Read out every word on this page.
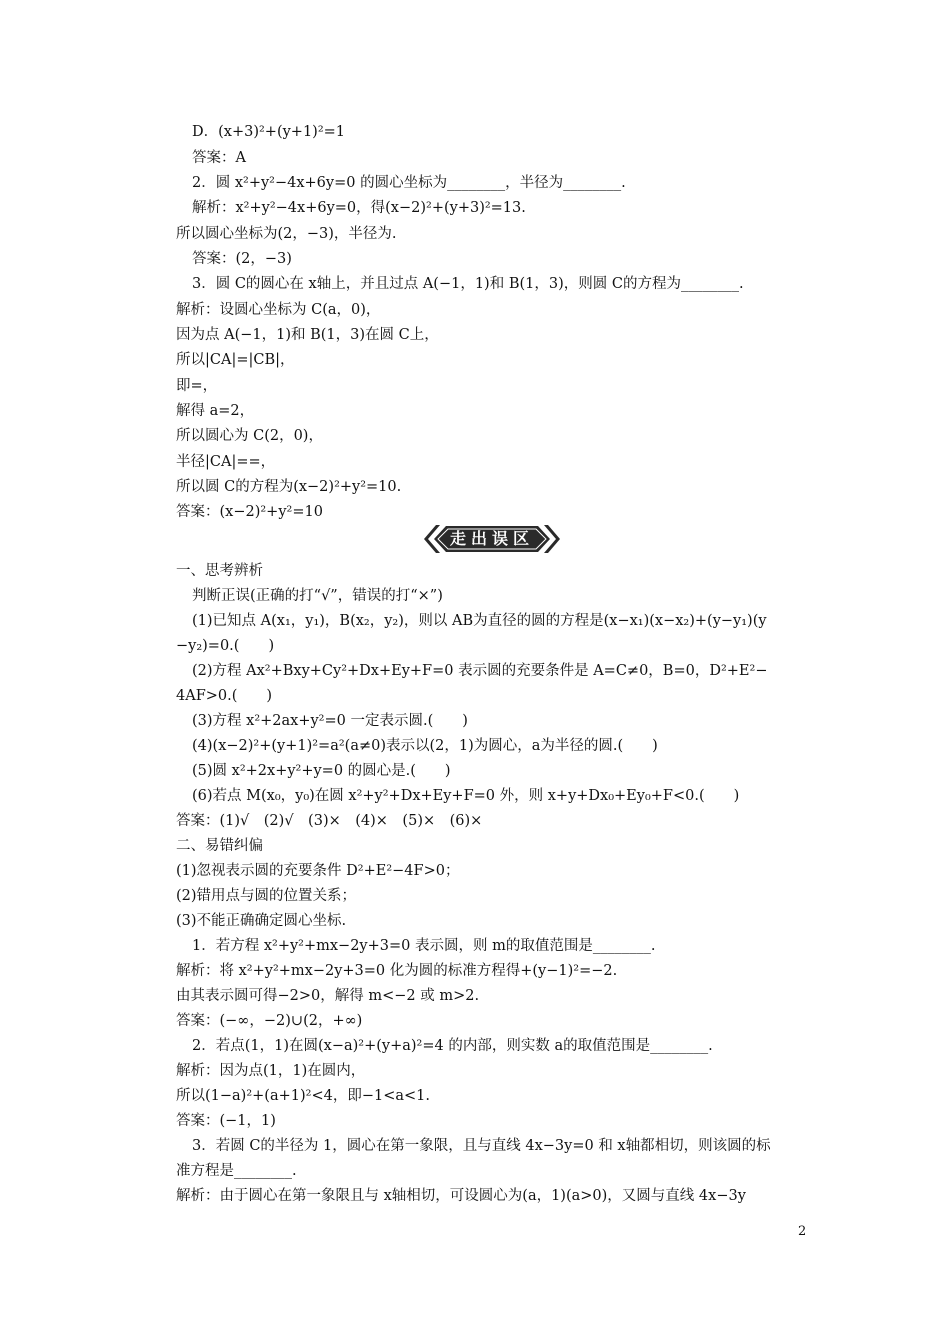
D．(x+3)²+(y+1)²=1
答案：A
2．圆 x²+y²−4x+6y=0 的圆心坐标为________，半径为________.
解析：x²+y²−4x+6y=0，得(x−2)²+(y+3)²=13.
所以圆心坐标为(2，−3)，半径为.
答案：(2，−3)
3．圆 C的圆心在 x轴上，并且过点 A(−1，1)和 B(1，3)，则圆 C的方程为________.
解析：设圆心坐标为 C(a，0)，
因为点 A(−1，1)和 B(1，3)在圆 C上，
所以|CA|=|CB|，
即=，
解得 a=2，
所以圆心为 C(2，0)，
半径|CA|==，
所以圆 C的方程为(x−2)²+y²=10.
答案：(x−2)²+y²=10
走出误区
一、思考辨析
判断正误(正确的打“√”，错误的打“×”)
(1)已知点 A(x₁，y₁)，B(x₂，y₂)，则以 AB为直径的圆的方程是(x−x₁)(x−x₂)+(y−y₁)(y
−y₂)=0.(　　)
(2)方程 Ax²+Bxy+Cy²+Dx+Ey+F=0 表示圆的充要条件是 A=C≠0，B=0，D²+E²−
4AF>0.(　　)
(3)方程 x²+2ax+y²=0 一定表示圆.(　　)
(4)(x−2)²+(y+1)²=a²(a≠0)表示以(2，1)为圆心，a为半径的圆.(　　)
(5)圆 x²+2x+y²+y=0 的圆心是.(　　)
(6)若点 M(x₀，y₀)在圆 x²+y²+Dx+Ey+F=0 外，则 x+y+Dx₀+Ey₀+F<0.(　　)
答案：(1)√　(2)√　(3)×　(4)×　(5)×　(6)×
二、易错纠偏
(1)忽视表示圆的充要条件 D²+E²−4F>0；
(2)错用点与圆的位置关系；
(3)不能正确确定圆心坐标.
1．若方程 x²+y²+mx−2y+3=0 表示圆，则 m的取值范围是________.
解析：将 x²+y²+mx−2y+3=0 化为圆的标准方程得+(y−1)²=−2.
由其表示圆可得−2>0，解得 m<−2 或 m>2.
答案：(−∞，−2)∪(2，+∞)
2．若点(1，1)在圆(x−a)²+(y+a)²=4 的内部，则实数 a的取值范围是________.
解析：因为点(1，1)在圆内，
所以(1−a)²+(a+1)²<4，即−1<a<1.
答案：(−1，1)
3．若圆 C的半径为 1，圆心在第一象限，且与直线 4x−3y=0 和 x轴都相切，则该圆的标
准方程是________.
解析：由于圆心在第一象限且与 x轴相切，可设圆心为(a，1)(a>0)，又圆与直线 4x−3y
2
